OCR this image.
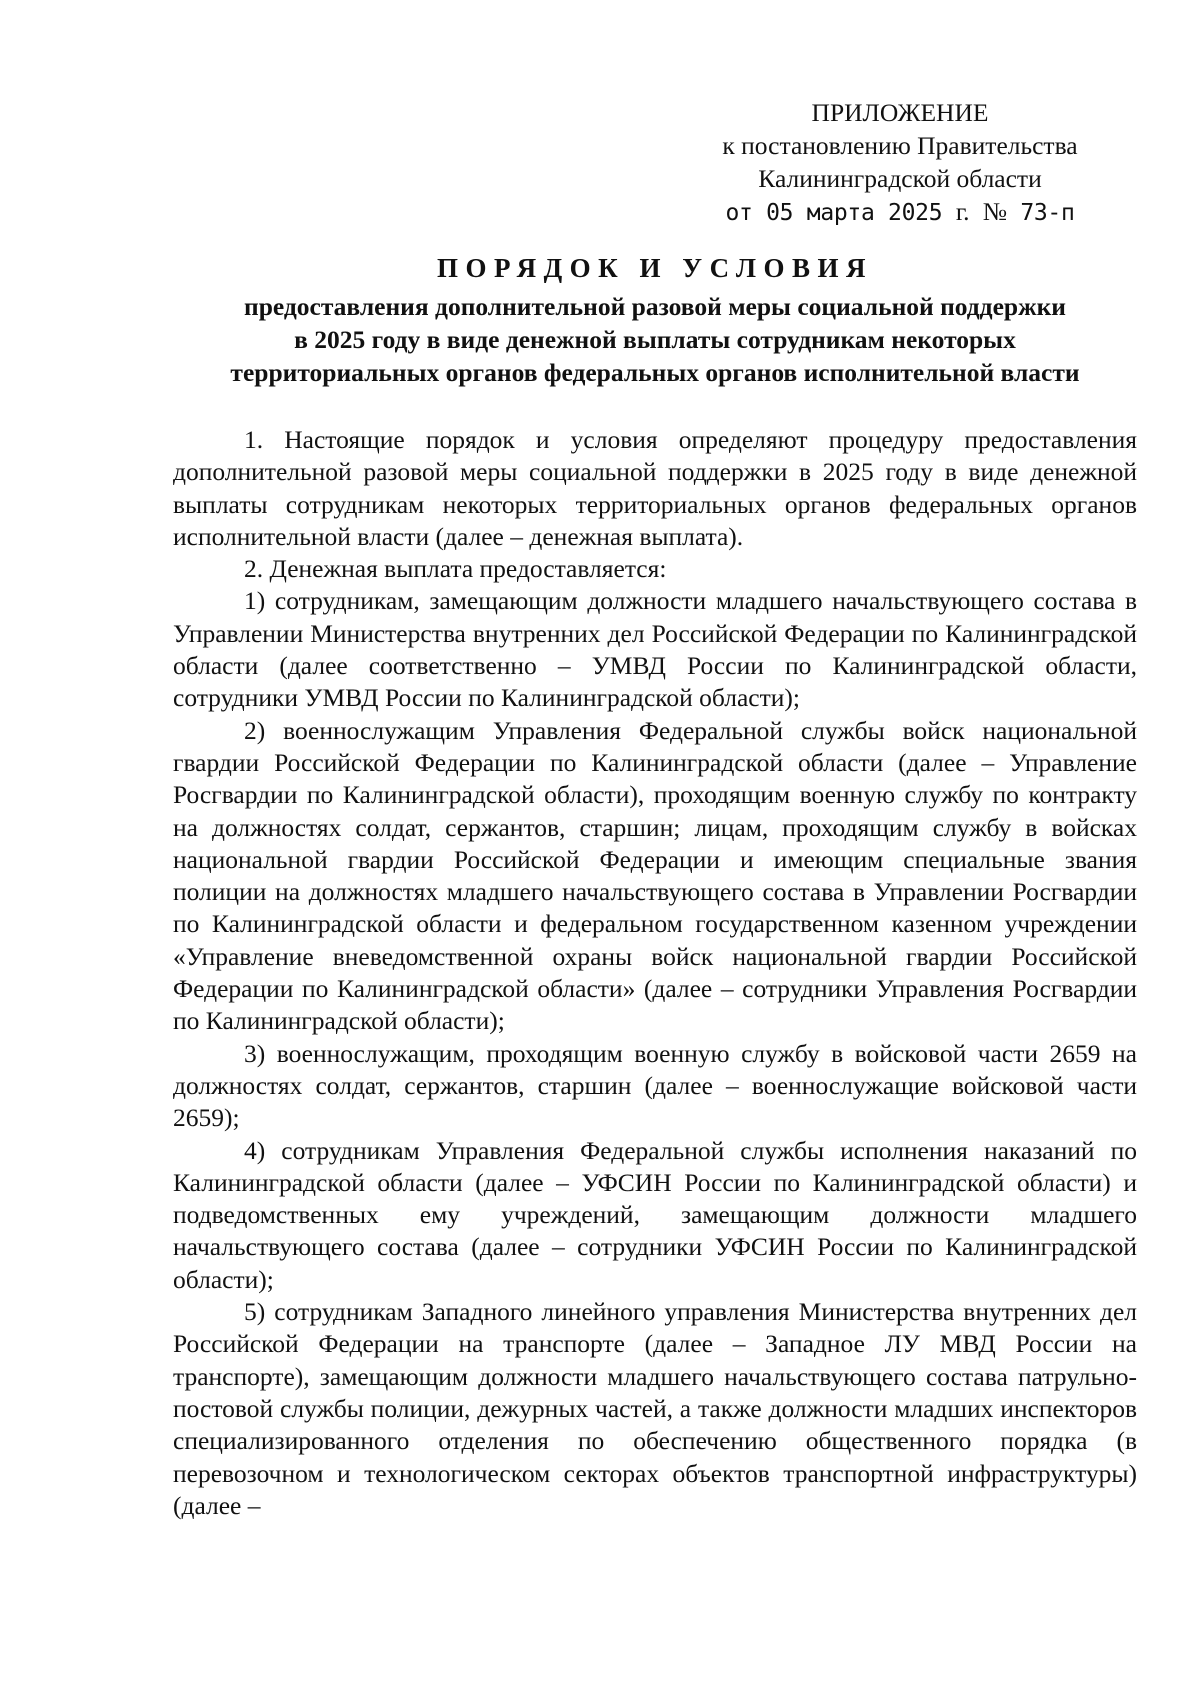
ПРИЛОЖЕНИЕ
к постановлению Правительства
Калининградской области
от 05 марта 2025 г. № 73-п
ПОРЯДОК И УСЛОВИЯ
предоставления дополнительной разовой меры социальной поддержки
в 2025 году в виде денежной выплаты сотрудникам некоторых
территориальных органов федеральных органов исполнительной власти

1. Настоящие порядок и условия определяют процедуру предоставления дополнительной разовой меры социальной поддержки в 2025 году в виде денежной выплаты сотрудникам некоторых территориальных органов федеральных органов исполнительной власти (далее – денежная выплата).

2. Денежная выплата предоставляется:

1) сотрудникам, замещающим должности младшего начальствующего состава в Управлении Министерства внутренних дел Российской Федерации по Калининградской области (далее соответственно – УМВД России по Калининградской области, сотрудники УМВД России по Калининградской области);

2) военнослужащим Управления Федеральной службы войск национальной гвардии Российской Федерации по Калининградской области (далее – Управление Росгвардии по Калининградской области), проходящим военную службу по контракту на должностях солдат, сержантов, старшин; лицам, проходящим службу в войсках национальной гвардии Российской Федерации и имеющим специальные звания полиции на должностях младшего начальствующего состава в Управлении Росгвардии по Калининградской области и федеральном государственном казенном учреждении «Управление вневедомственной охраны войск национальной гвардии Российской Федерации по Калининградской области» (далее – сотрудники Управления Росгвардии по Калининградской области);

3) военнослужащим, проходящим военную службу в войсковой части 2659 на должностях солдат, сержантов, старшин (далее – военнослужащие войсковой части 2659);

4) сотрудникам Управления Федеральной службы исполнения наказаний по Калининградской области (далее – УФСИН России по Калининградской области) и подведомственных ему учреждений, замещающим должности младшего начальствующего состава (далее – сотрудники УФСИН России по Калининградской области);

5) сотрудникам Западного линейного управления Министерства внутренних дел Российской Федерации на транспорте (далее – Западное ЛУ МВД России на транспорте), замещающим должности младшего начальствующего состава патрульно-постовой службы полиции, дежурных частей, а также должности младших инспекторов специализированного отделения по обеспечению общественного порядка (в перевозочном и технологическом секторах объектов транспортной инфраструктуры) (далее –
